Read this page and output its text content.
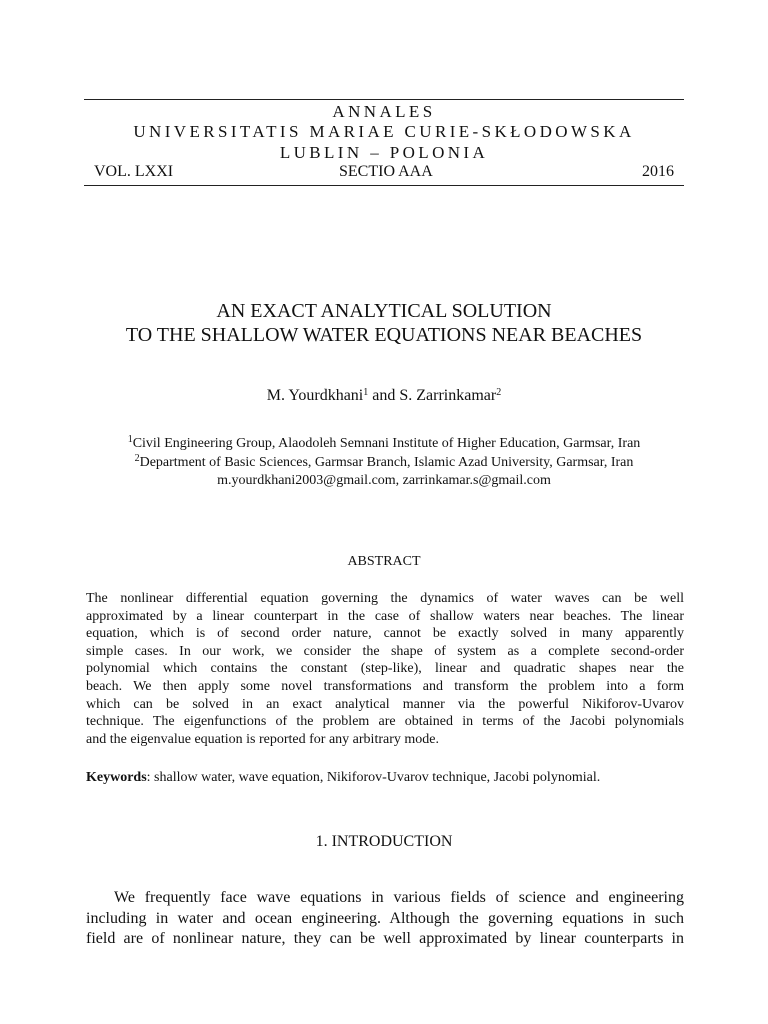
ANNALES
UNIVERSITATIS MARIAE CURIE-SKŁODOWSKA
LUBLIN – POLONIA
VOL. LXXI	SECTIO AAA	2016
AN EXACT ANALYTICAL SOLUTION
TO THE SHALLOW WATER EQUATIONS NEAR BEACHES
M. Yourdkhani$^1$ and S. Zarrinkamar$^2$
$^1$Civil Engineering Group, Alaodoleh Semnani Institute of Higher Education, Garmsar, Iran
$^2$Department of Basic Sciences, Garmsar Branch, Islamic Azad University, Garmsar, Iran
m.yourdkhani2003@gmail.com, zarrinkamar.s@gmail.com
ABSTRACT
The nonlinear differential equation governing the dynamics of water waves can be well
approximated by a linear counterpart in the case of shallow waters near beaches. The linear
equation, which is of second order nature, cannot be exactly solved in many apparently
simple cases. In our work, we consider the shape of system as a complete second-order
polynomial which contains the constant (step-like), linear and quadratic shapes near the
beach. We then apply some novel transformations and transform the problem into a form
which can be solved in an exact analytical manner via the powerful Nikiforov-Uvarov
technique. The eigenfunctions of the problem are obtained in terms of the Jacobi polynomials
and the eigenvalue equation is reported for any arbitrary mode.
Keywords: shallow water, wave equation, Nikiforov-Uvarov technique, Jacobi polynomial.
1. INTRODUCTION
We frequently face wave equations in various fields of science and engineering
including in water and ocean engineering. Although the governing equations in such
field are of nonlinear nature, they can be well approximated by linear counterparts in
